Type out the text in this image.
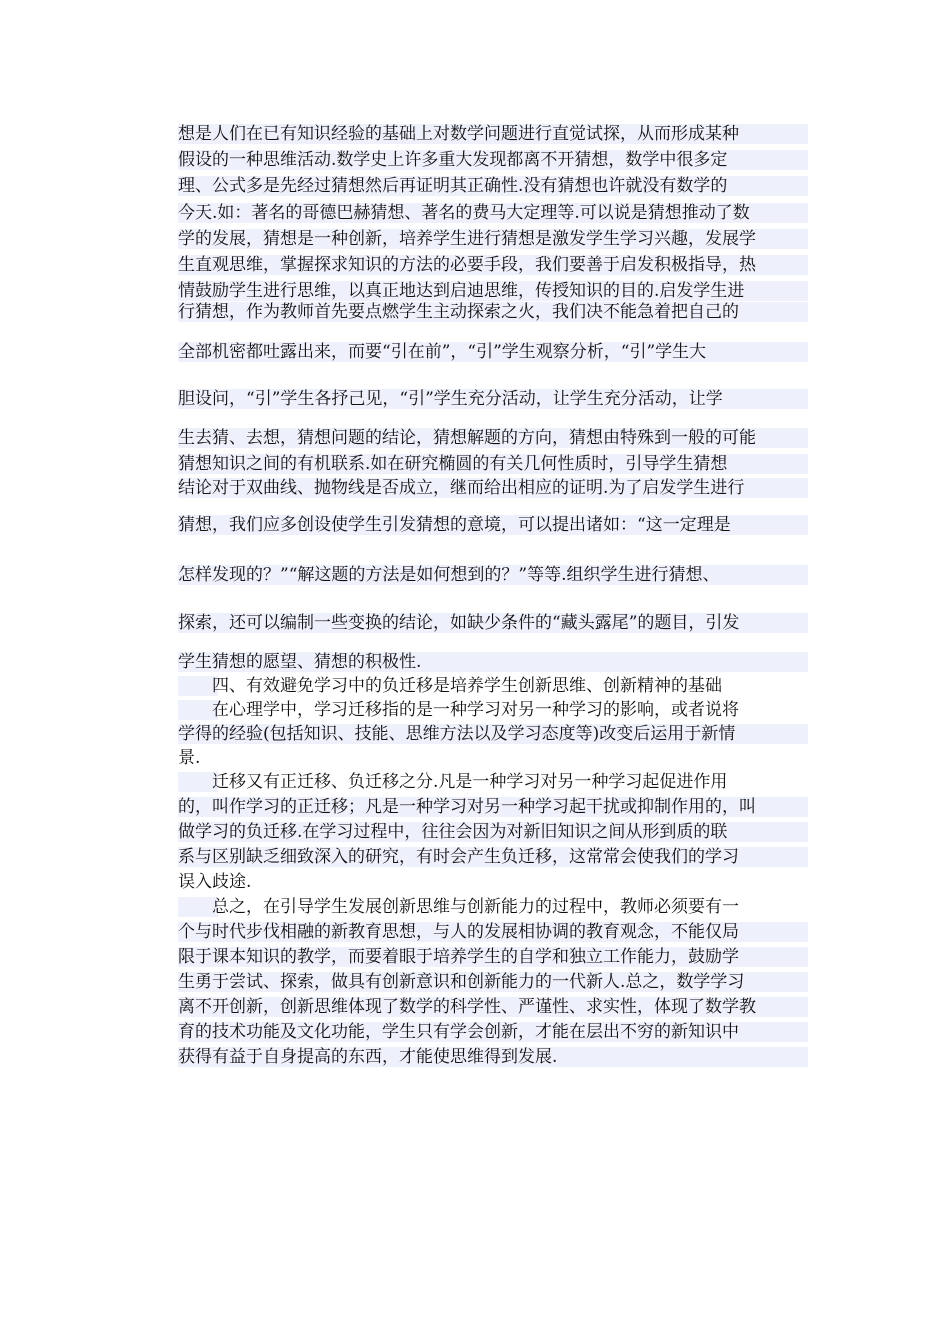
想是人们在已有知识经验的基础上对数学问题进行直觉试探，从而形成某种
假设的一种思维活动.数学史上许多重大发现都离不开猜想，数学中很多定
理、公式多是先经过猜想然后再证明其正确性.没有猜想也许就没有数学的
今天.如：著名的哥德巴赫猜想、著名的费马大定理等.可以说是猜想推动了数
学的发展，猜想是一种创新，培养学生进行猜想是激发学生学习兴趣，发展学
生直观思维，掌握探求知识的方法的必要手段，我们要善于启发积极指导，热
情鼓励学生进行思维，以真正地达到启迪思维，传授知识的目的.启发学生进
行猜想，作为教师首先要点燃学生主动探索之火，我们决不能急着把自己的
全部机密都吐露出来，而要“引在前”，“引”学生观察分析，“引”学生大
胆设问，“引”学生各抒己见，“引”学生充分活动，让学生充分活动，让学
生去猜、去想，猜想问题的结论，猜想解题的方向，猜想由特殊到一般的可能
猜想知识之间的有机联系.如在研究椭圆的有关几何性质时，引导学生猜想
结论对于双曲线、抛物线是否成立，继而给出相应的证明.为了启发学生进行
猜想，我们应多创设使学生引发猜想的意境，可以提出诸如：“这一定理是
怎样发现的？”“解这题的方法是如何想到的？”等等.组织学生进行猜想、
探索，还可以编制一些变换的结论，如缺少条件的“藏头露尾”的题目，引发
学生猜想的愿望、猜想的积极性.
四、有效避免学习中的负迁移是培养学生创新思维、创新精神的基础
在心理学中，学习迁移指的是一种学习对另一种学习的影响，或者说将
学得的经验(包括知识、技能、思维方法以及学习态度等)改变后运用于新情
景.
迁移又有正迁移、负迁移之分.凡是一种学习对另一种学习起促进作用
的，叫作学习的正迁移；凡是一种学习对另一种学习起干扰或抑制作用的，叫
做学习的负迁移.在学习过程中，往往会因为对新旧知识之间从形到质的联
系与区别缺乏细致深入的研究，有时会产生负迁移，这常常会使我们的学习
误入歧途.
总之，在引导学生发展创新思维与创新能力的过程中，教师必须要有一
个与时代步伐相融的新教育思想，与人的发展相协调的教育观念，不能仅局
限于课本知识的教学，而要着眼于培养学生的自学和独立工作能力，鼓励学
生勇于尝试、探索，做具有创新意识和创新能力的一代新人.总之，数学学习
离不开创新，创新思维体现了数学的科学性、严谨性、求实性，体现了数学教
育的技术功能及文化功能，学生只有学会创新，才能在层出不穷的新知识中
获得有益于自身提高的东西，才能使思维得到发展.
